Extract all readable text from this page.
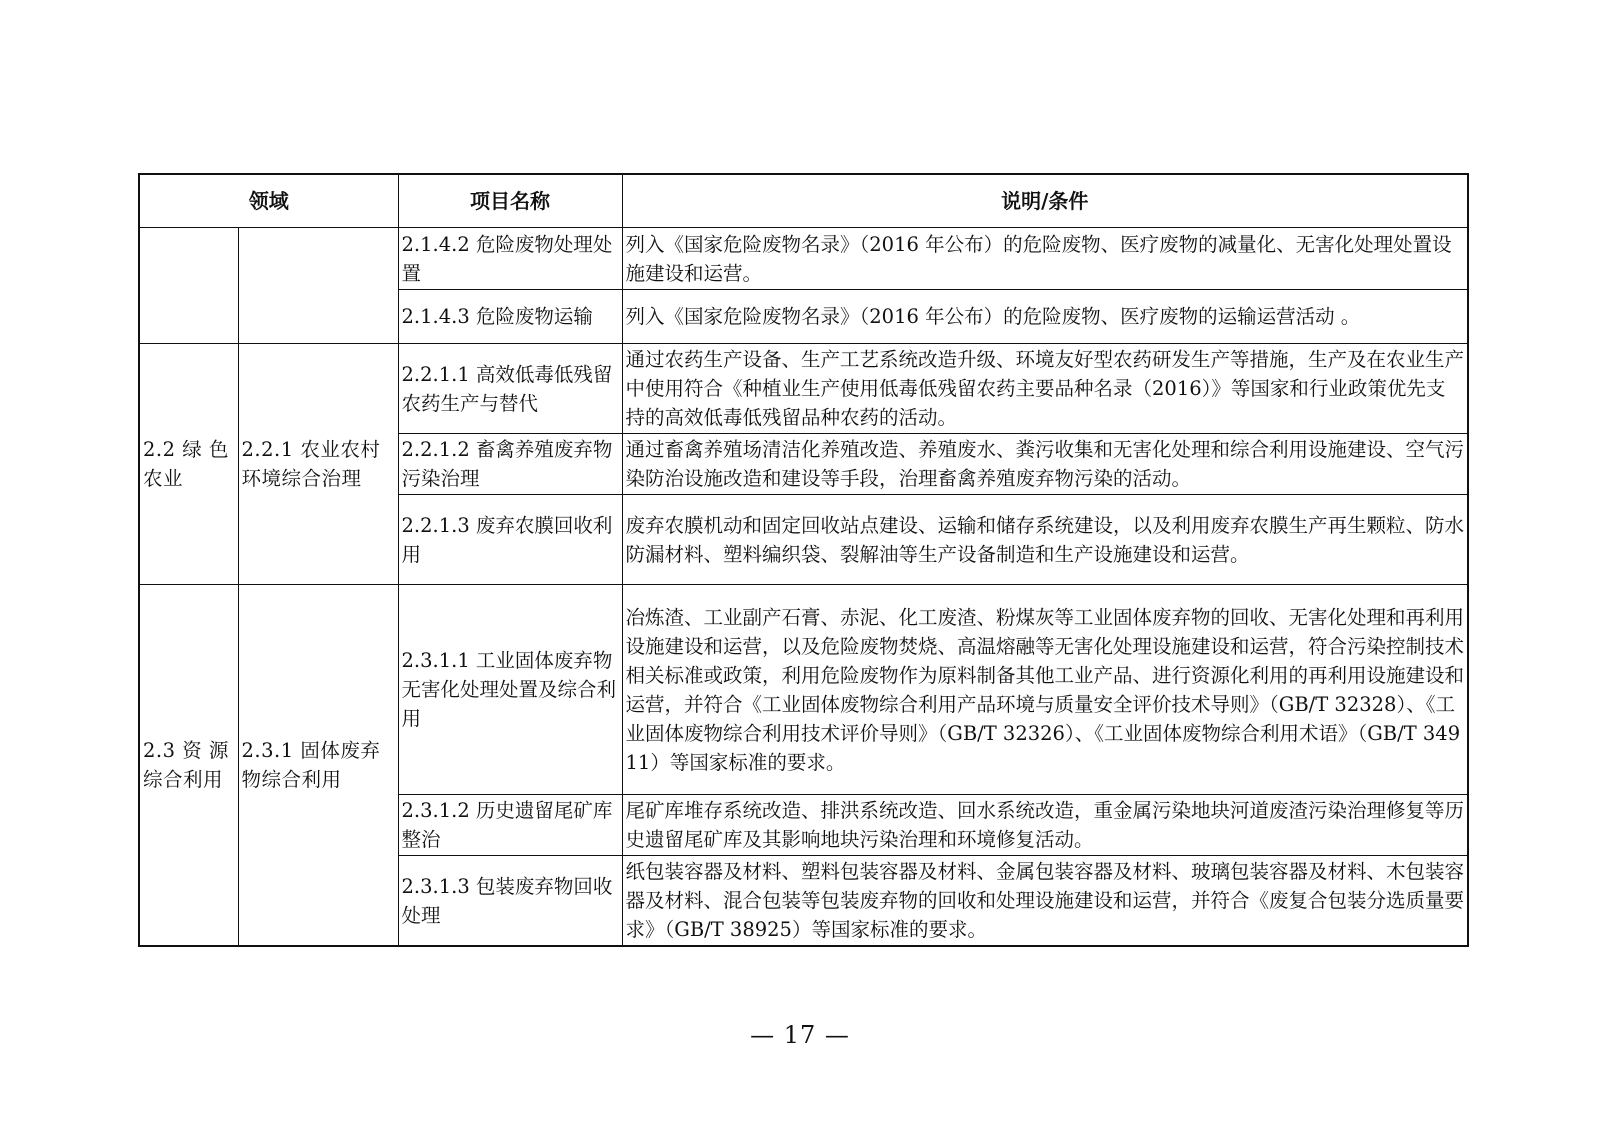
领域		项目名称	说明/条件
		2.1.4.2 危险废物处理处置	列入《国家危险废物名录》（2016 年公布）的危险废物、医疗废物的减量化、无害化处理处置设施建设和运营。
		2.1.4.3 危险废物运输	列入《国家危险废物名录》（2016 年公布）的危险废物、医疗废物的运输运营活动 。
2.2 绿 色农业	2.2.1 农业农村环境综合治理	2.2.1.1 高效低毒低残留农药生产与替代	通过农药生产设备、生产工艺系统改造升级、环境友好型农药研发生产等措施，生产及在农业生产中使用符合《种植业生产使用低毒低残留农药主要品种名录（2016）》等国家和行业政策优先支持的高效低毒低残留品种农药的活动。
		2.2.1.2 畜禽养殖废弃物污染治理	通过畜禽养殖场清洁化养殖改造、养殖废水、粪污收集和无害化处理和综合利用设施建设、空气污染防治设施改造和建设等手段，治理畜禽养殖废弃物污染的活动。
		2.2.1.3 废弃农膜回收利用	废弃农膜机动和固定回收站点建设、运输和储存系统建设，以及利用废弃农膜生产再生颗粒、防水防漏材料、塑料编织袋、裂解油等生产设备制造和生产设施建设和运营。
2.3 资 源综合利用	2.3.1 固体废弃物综合利用	2.3.1.1 工业固体废弃物无害化处理处置及综合利用	冶炼渣、工业副产石膏、赤泥、化工废渣、粉煤灰等工业固体废弃物的回收、无害化处理和再利用设施建设和运营，以及危险废物焚烧、高温熔融等无害化处理设施建设和运营，符合污染控制技术相关标准或政策，利用危险废物作为原料制备其他工业产品、进行资源化利用的再利用设施建设和运营，并符合《工业固体废物综合利用产品环境与质量安全评价技术导则》（GB/T 32328）、《工业固体废物综合利用技术评价导则》（GB/T 32326）、《工业固体废物综合利用术语》（GB/T 34911）等国家标准的要求。
		2.3.1.2 历史遗留尾矿库整治	尾矿库堆存系统改造、排洪系统改造、回水系统改造，重金属污染地块河道废渣污染治理修复等历史遗留尾矿库及其影响地块污染治理和环境修复活动。
		2.3.1.3 包装废弃物回收处理	纸包装容器及材料、塑料包装容器及材料、金属包装容器及材料、玻璃包装容器及材料、木包装容器及材料、混合包装等包装废弃物的回收和处理设施建设和运营，并符合《废复合包装分选质量要求》（GB/T 38925）等国家标准的要求。
— 17 —
